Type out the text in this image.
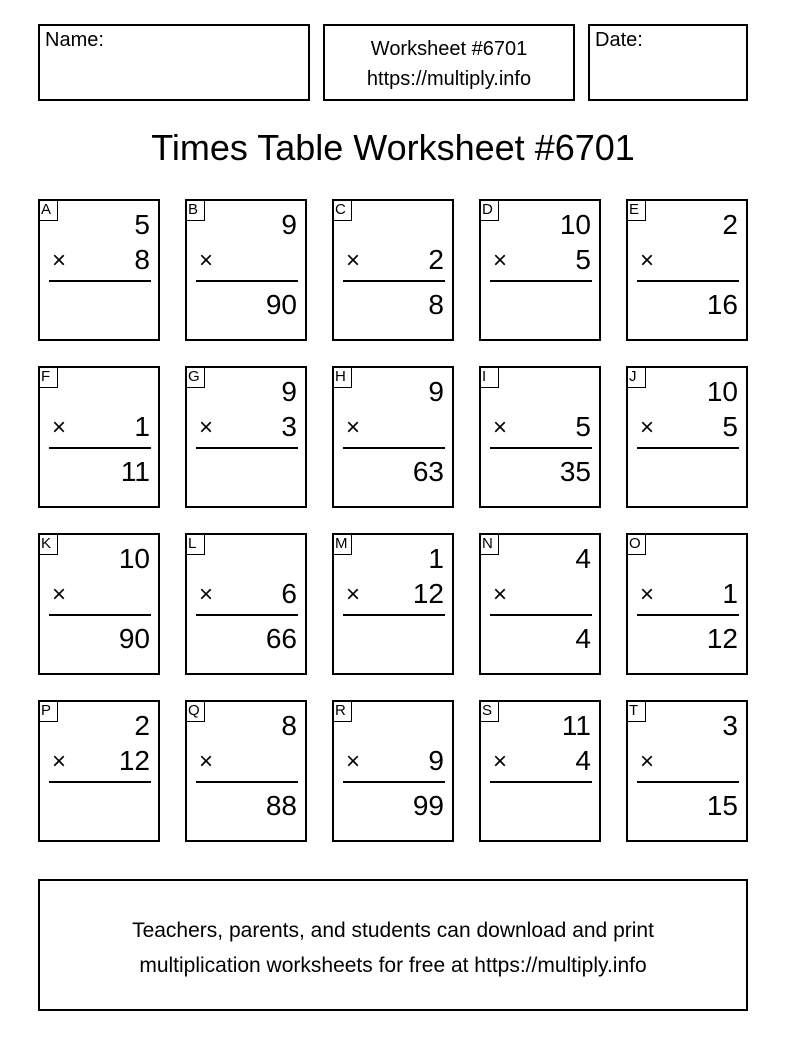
Name:	Worksheet #6701
https://multiply.info
Date:
Times Table Worksheet #6701
A	5
× 8
B	9
×
90
C
× 2
8
D 10
× 5
E	2
×
16
F
× 1
11
G	9
× 3
H	9
×
63
I
× 5
35
J	10
× 5
K 10
×
90
L
× 6
66
M	1
× 12
N	4
×
4
O
× 1
12
P	2
× 12
Q	8
×
88
R
× 9
99
S 11
× 4
T	3
×
15
Teachers, parents, and students can download and print
multiplication worksheets for free at https://multiply.info
